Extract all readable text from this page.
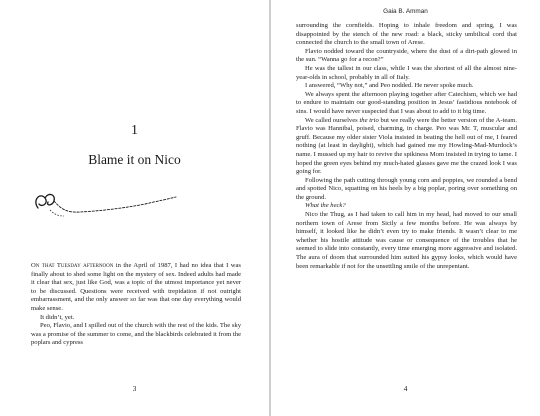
1
Blame it on Nico

On that Tuesday afternoon in the April of 1987, I had no idea that I was finally about to shed some light on the mystery of sex. Indeed adults had made it clear that sex, just like God, was a topic of the utmost importance yet never to be discussed. Questions were received with trepidation if not outright embarrassment, and the only answer so far was that one day everything would make sense.

It didn’t, yet.

Peo, Flavio, and I spilled out of the church with the rest of the kids. The sky was a promise of the summer to come, and the blackbirds celebrated it from the poplars and cypress

3
Gaia B. Amman

surrounding the cornfields. Hoping to inhale freedom and spring, I was disappointed by the stench of the new road: a black, sticky umbilical cord that connected the church to the small town of Arese.

Flavio nodded toward the countryside, where the dust of a dirt-path glowed in the sun. “Wanna go for a recon?”

He was the tallest in our class, while I was the shortest of all the almost nine-year-olds in school, probably in all of Italy.

I answered, “Why not,” and Peo nodded. He never spoke much.

We always spent the afternoon playing together after Catechism, which we had to endure to maintain our good-standing position in Jesus’ fastidious notebook of sins. I would have never suspected that I was about to add to it big time.

We called ourselves the trio but we really were the better version of the A-team. Flavio was Hannibal, poised, charming, in charge. Peo was Mr. T, muscular and gruff. Because my older sister Viola insisted in beating the hell out of me, I feared nothing (at least in daylight), which had gained me my Howling-Mad-Murdock’s name. I mussed up my hair to revive the spikiness Mom insisted in trying to tame. I hoped the green eyes behind my much-hated glasses gave me the crazed look I was going for.

Following the path cutting through young corn and poppies, we rounded a bend and spotted Nico, squatting on his heels by a big poplar, poring over something on the ground.

What the heck?

Nico the Thug, as I had taken to call him in my head, had moved to our small northern town of Arese from Sicily a few months before. He was always by himself, it looked like he didn’t even try to make friends. It wasn’t clear to me whether his hostile attitude was cause or consequence of the troubles that he seemed to slide into constantly, every time emerging more aggressive and isolated. The aura of doom that surrounded him suited his gypsy looks, which would have been remarkable if not for the unsettling smile of the unrepentant.

4
